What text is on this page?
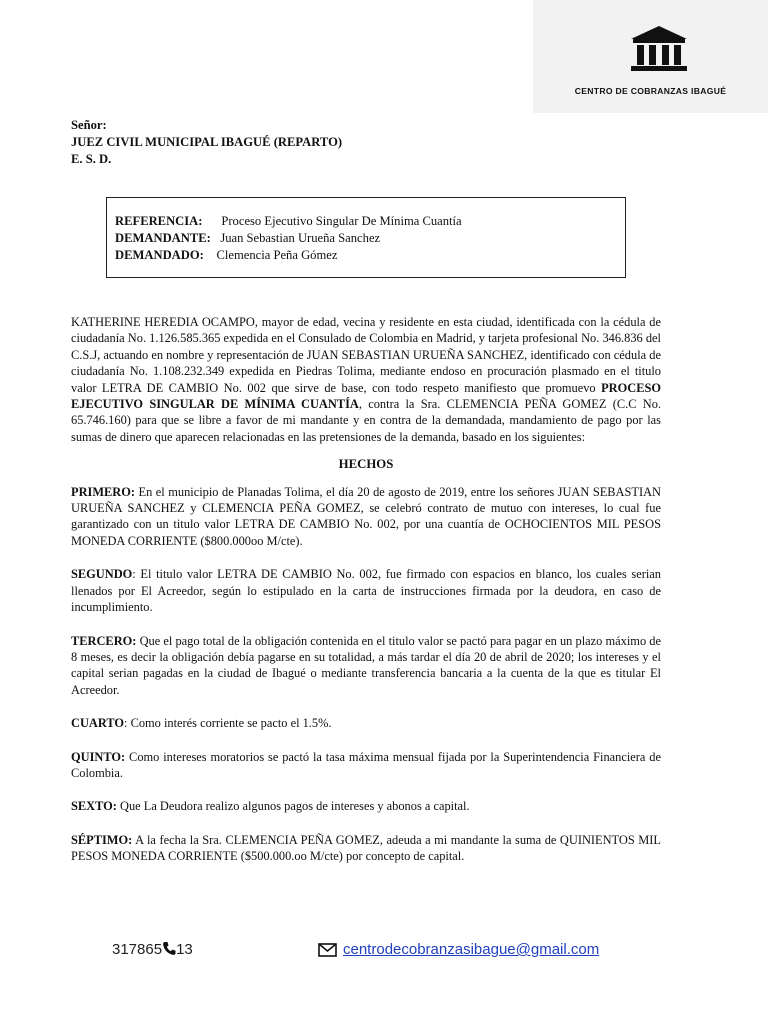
CENTRO DE COBRANZAS IBAGUÉ
Señor:
JUEZ CIVIL MUNICIPAL IBAGUÉ (REPARTO)
E. S. D.
REFERENCIA: Proceso Ejecutivo Singular De Mínima Cuantía
DEMANDANTE: Juan Sebastian Urueña Sanchez
DEMANDADO: Clemencia Peña Gómez

KATHERINE HEREDIA OCAMPO, mayor de edad, vecina y residente en esta ciudad, identificada con la cédula de ciudadanía No. 1.126.585.365 expedida en el Consulado de Colombia en Madrid, y tarjeta profesional No. 346.836 del C.S.J, actuando en nombre y representación de JUAN SEBASTIAN URUEÑA SANCHEZ, identificado con cédula de ciudadanía No. 1.108.232.349 expedida en Piedras Tolima, mediante endoso en procuración plasmado en el titulo valor LETRA DE CAMBIO No. 002 que sirve de base, con todo respeto manifiesto que promuevo PROCESO EJECUTIVO SINGULAR DE MÍNIMA CUANTÍA, contra la Sra. CLEMENCIA PEÑA GOMEZ (C.C No. 65.746.160) para que se libre a favor de mi mandante y en contra de la demandada, mandamiento de pago por las sumas de dinero que aparecen relacionadas en las pretensiones de la demanda, basado en los siguientes:

HECHOS

PRIMERO: En el municipio de Planadas Tolima, el día 20 de agosto de 2019, entre los señores JUAN SEBASTIAN URUEÑA SANCHEZ y CLEMENCIA PEÑA GOMEZ, se celebró contrato de mutuo con intereses, lo cual fue garantizado con un titulo valor LETRA DE CAMBIO No. 002, por una cuantía de OCHOCIENTOS MIL PESOS MONEDA CORRIENTE ($800.000oo M/cte).

SEGUNDO: El titulo valor LETRA DE CAMBIO No. 002, fue firmado con espacios en blanco, los cuales serian llenados por El Acreedor, según lo estipulado en la carta de instrucciones firmada por la deudora, en caso de incumplimiento.

TERCERO: Que el pago total de la obligación contenida en el titulo valor se pactó para pagar en un plazo máximo de 8 meses, es decir la obligación debía pagarse en su totalidad, a más tardar el día 20 de abril de 2020; los intereses y el capital serian pagadas en la ciudad de Ibagué o mediante transferencia bancaria a la cuenta de la que es titular El Acreedor.

CUARTO: Como interés corriente se pacto el 1.5%.

QUINTO: Como intereses moratorios se pactó la tasa máxima mensual fijada por la Superintendencia Financiera de Colombia.

SEXTO: Que La Deudora realizo algunos pagos de intereses y abonos a capital.

SÉPTIMO: A la fecha la Sra. CLEMENCIA PEÑA GOMEZ, adeuda a mi mandante la suma de QUINIENTOS MIL PESOS MONEDA CORRIENTE ($500.000.oo M/cte) por concepto de capital.

317865 13	centrodecobranzasibague@gmail.com
